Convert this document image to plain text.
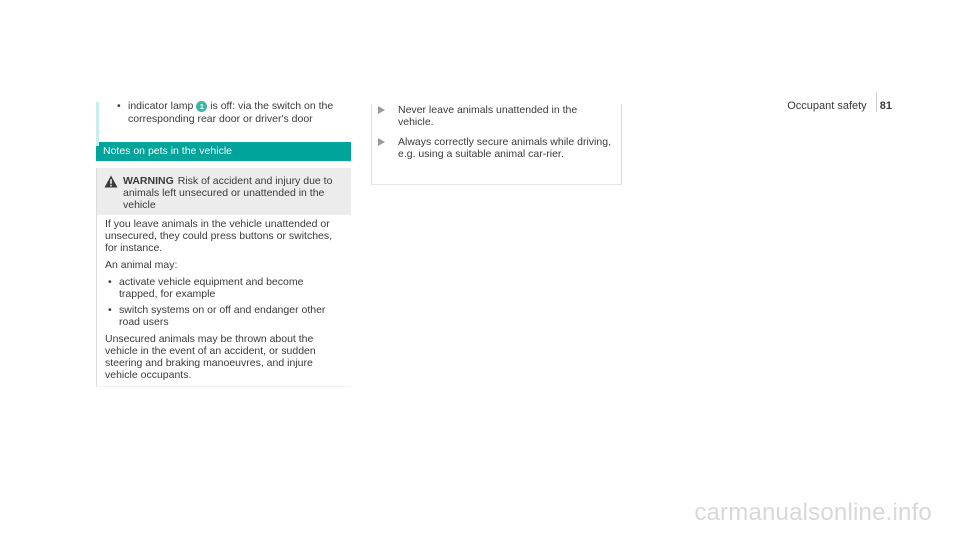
Occupant safety 81
• indicator lamp 1 is off: via the switch on the corresponding rear door or driver's door
Notes on pets in the vehicle
WARNING Risk of accident and injury due to animals left unsecured or unattended in the vehicle

If you leave animals in the vehicle unattended or unsecured, they could press buttons or switches, for instance.

An animal may:

• activate vehicle equipment and become trapped, for example
• switch systems on or off and endanger other road users

Unsecured animals may be thrown about the vehicle in the event of an accident, or sudden steering and braking manoeuvres, and injure vehicle occupants.

Never leave animals unattended in the vehicle.
Always correctly secure animals while driving, e.g. using a suitable animal car-rier.
carmanualsonline.info
